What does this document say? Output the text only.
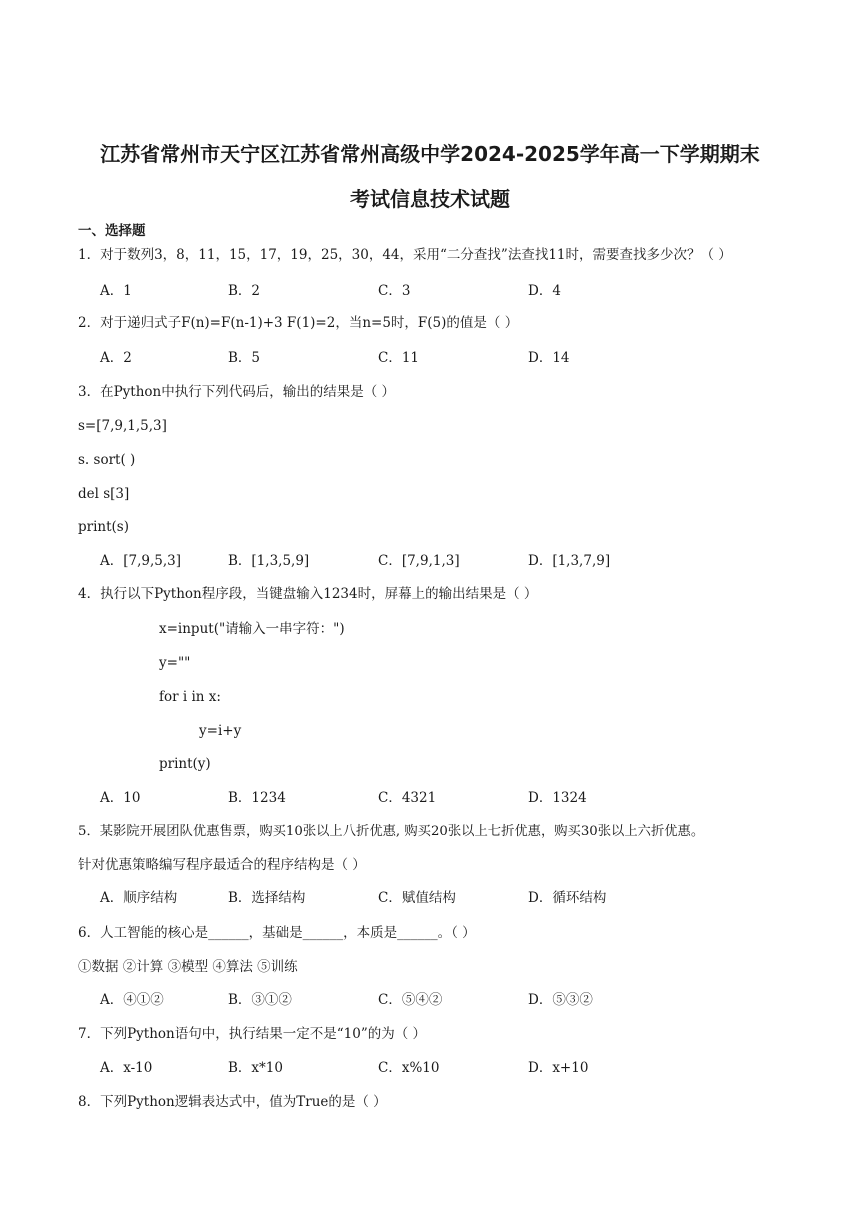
江苏省常州市天宁区江苏省常州高级中学2024-2025学年高一下学期期末
考试信息技术试题
一、选择题
1．对于数列3，8，11，15，17，19，25，30，44，采用“二分查找”法查找11时，需要查找多少次？（ ）
A．1	B．2	C．3	D．4
2．对于递归式子F(n)=F(n-1)+3 F(1)=2，当n=5时，F(5)的值是（ ）
A．2	B．5	C．11	D．14
3．在Python中执行下列代码后，输出的结果是（ ）
s=[7,9,1,5,3]
s. sort( )
del s[3]
print(s)
A．[7,9,5,3]	B．[1,3,5,9]	C．[7,9,1,3]	D．[1,3,7,9]
4．执行以下Python程序段，当键盘输入1234时，屏幕上的输出结果是（ ）
x=input("请输入一串字符：")
y=""
for i in x:
y=i+y
print(y)
A．10	B．1234	C．4321	D．1324
5．某影院开展团队优惠售票，购买10张以上八折优惠, 购买20张以上七折优惠，购买30张以上六折优惠。
针对优惠策略编写程序最适合的程序结构是（ ）
A．顺序结构	B．选择结构	C．赋值结构	D．循环结构
6．人工智能的核心是______，基础是______，本质是______。（ ）
①数据 ②计算 ③模型 ④算法 ⑤训练
A．④①②	B．③①②	C．⑤④②	D．⑤③②
7．下列Python语句中，执行结果一定不是“10”的为（ ）
A．x-10	B．x*10	C．x%10	D．x+10
8．下列Python逻辑表达式中，值为True的是（ ）
